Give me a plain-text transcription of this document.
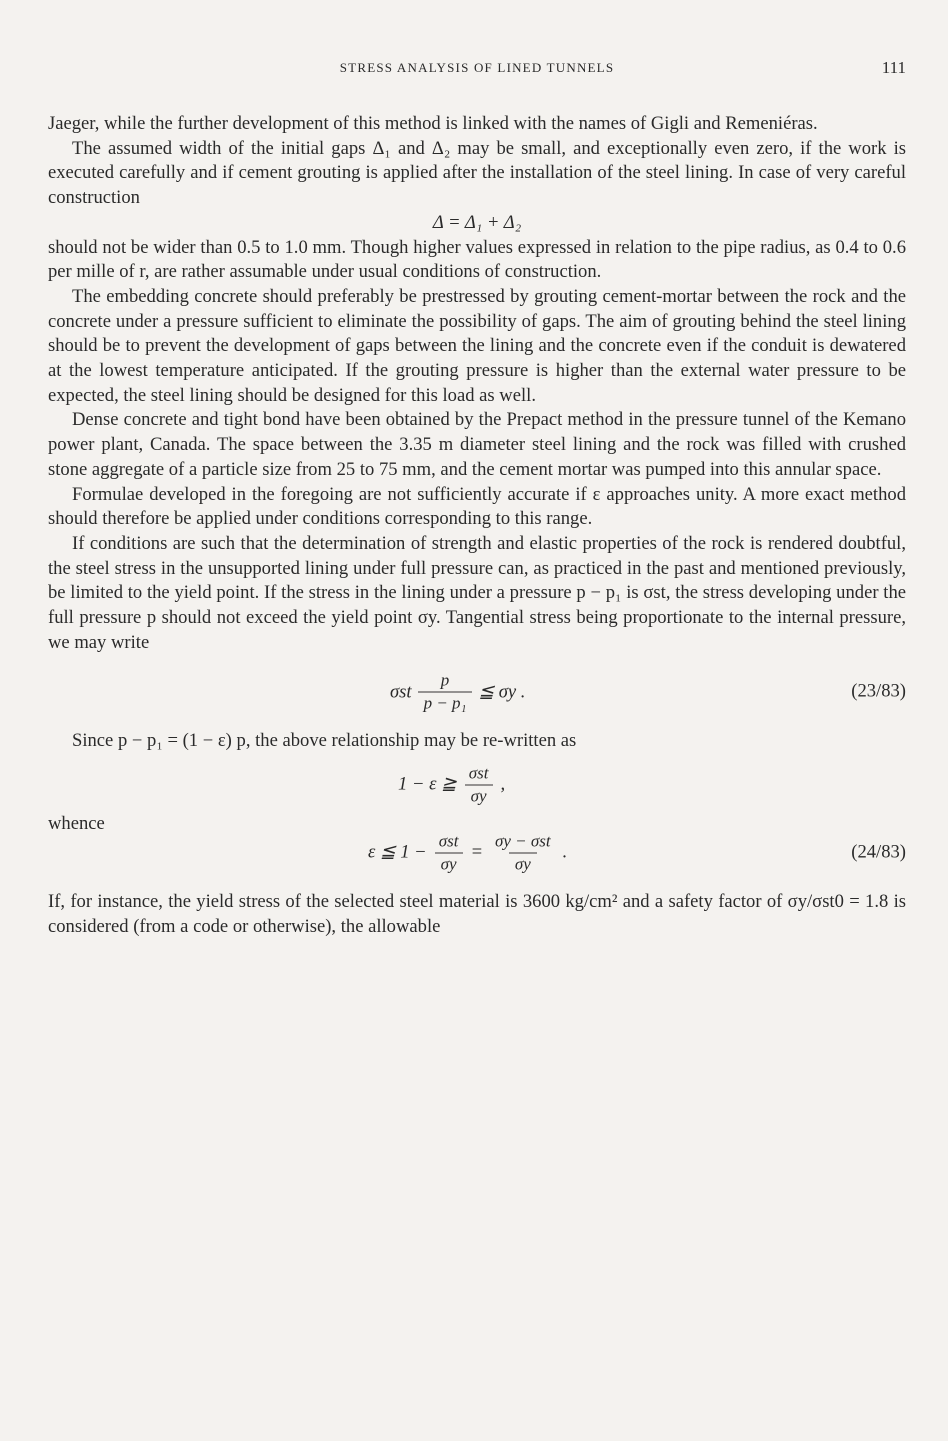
STRESS ANALYSIS OF LINED TUNNELS	111

Jaeger, while the further development of this method is linked with the names of Gigli and Remeniéras.

The assumed width of the initial gaps Δ₁ and Δ₂ may be small, and exceptionally even zero, if the work is executed carefully and if cement grouting is applied after the installation of the steel lining. In case of very careful construction

Δ = Δ₁ + Δ₂

should not be wider than 0.5 to 1.0 mm. Though higher values expressed in relation to the pipe radius, as 0.4 to 0.6 per mille of r, are rather assumable under usual conditions of construction.

The embedding concrete should preferably be prestressed by grouting cement-mortar between the rock and the concrete under a pressure sufficient to eliminate the possibility of gaps. The aim of grouting behind the steel lining should be to prevent the development of gaps between the lining and the concrete even if the conduit is dewatered at the lowest temperature anticipated. If the grouting pressure is higher than the external water pressure to be expected, the steel lining should be designed for this load as well.

Dense concrete and tight bond have been obtained by the Prepact method in the pressure tunnel of the Kemano power plant, Canada. The space between the 3.35 m diameter steel lining and the rock was filled with crushed stone aggregate of a particle size from 25 to 75 mm, and the cement mortar was pumped into this annular space.

Formulae developed in the foregoing are not sufficiently accurate if ε approaches unity. A more exact method should therefore be applied under conditions corresponding to this range.

If conditions are such that the determination of strength and elastic properties of the rock is rendered doubtful, the steel stress in the unsupported lining under full pressure can, as practiced in the past and mentioned previously, be limited to the yield point. If the stress in the lining under a pressure p − p₁ is σst, the stress developing under the full pressure p should not exceed the yield point σy. Tangential stress being proportionate to the internal pressure, we may write

σst $\frac{p}{\text{p − p₁}}$ ≦ σy .	(23/83)

Since p − p₁ = (1 − ε) p, the above relationship may be re-written as

1 − ε ≧ $\frac{\text{σst}}{\sigma y}$ ,
whence
ε ≦ $1 - \frac{\text{σst}}{\sigma y} = \frac{\text{σy − σst}}{\sigma y}$ .	(24/83)

If, for instance, the yield stress of the selected steel material is 3600 kg/cm² and a safety factor of σy/σst0 = 1.8 is considered (from a code or otherwise), the allowable
